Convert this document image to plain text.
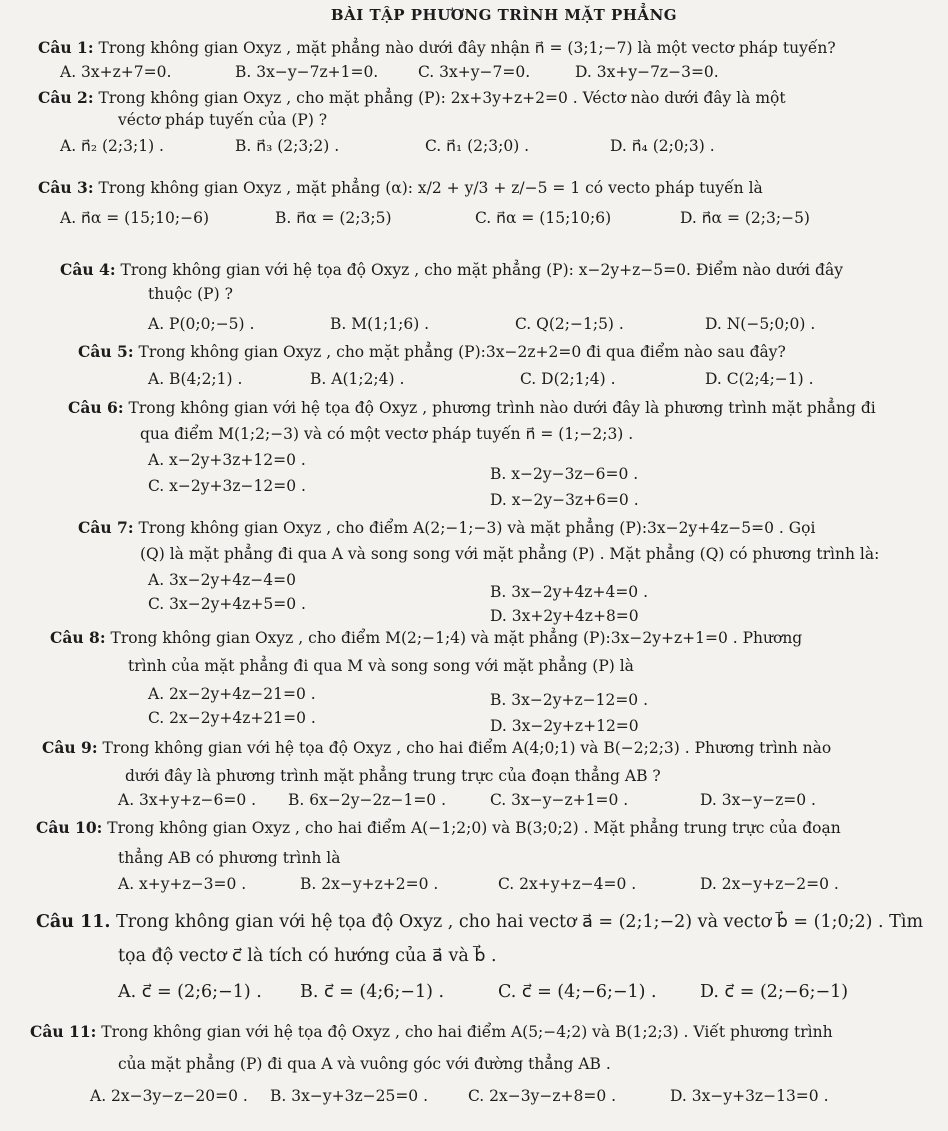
BÀI TẬP PHƯƠNG TRÌNH MẶT PHẲNG
Câu 1: Trong không gian Oxyz , mặt phẳng nào dưới đây nhận n⃗ = (3;1;−7) là một vectơ pháp tuyến?
A. 3x+z+7=0.	B. 3x−y−7z+1=0.	C. 3x+y−7=0.	D. 3x+y−7z−3=0.
Câu 2: Trong không gian Oxyz , cho mặt phẳng (P): 2x+3y+z+2=0 . Véctơ nào dưới đây là một
véctơ pháp tuyến của (P) ?
A. n⃗₂ (2;3;1) .	B. n⃗₃ (2;3;2) .	C. n⃗₁ (2;3;0) .	D. n⃗₄ (2;0;3) .
Câu 3: Trong không gian Oxyz , mặt phẳng (α): x/2 + y/3 + z/−5 = 1 có vecto pháp tuyến là
A. n⃗α = (15;10;−6)	B. n⃗α = (2;3;5)	C. n⃗α = (15;10;6)	D. n⃗α = (2;3;−5)
Câu 4: Trong không gian với hệ tọa độ Oxyz , cho mặt phẳng (P): x−2y+z−5=0. Điểm nào dưới đây
thuộc (P) ?
A. P(0;0;−5) .	B. M(1;1;6) .	C. Q(2;−1;5) .	D. N(−5;0;0) .
Câu 5: Trong không gian Oxyz , cho mặt phẳng (P):3x−2z+2=0 đi qua điểm nào sau đây?
A. B(4;2;1) .	B. A(1;2;4) .	C. D(2;1;4) .	D. C(2;4;−1) .
Câu 6: Trong không gian với hệ tọa độ Oxyz , phương trình nào dưới đây là phương trình mặt phẳng đi
qua điểm M(1;2;−3) và có một vectơ pháp tuyến n⃗ = (1;−2;3) .
A. x−2y+3z+12=0 .
B. x−2y−3z−6=0 .
C. x−2y+3z−12=0 .
D. x−2y−3z+6=0 .
Câu 7: Trong không gian Oxyz , cho điểm A(2;−1;−3) và mặt phẳng (P):3x−2y+4z−5=0 . Gọi
(Q) là mặt phẳng đi qua A và song song với mặt phẳng (P) . Mặt phẳng (Q) có phương trình là:
A. 3x−2y+4z−4=0
B. 3x−2y+4z+4=0 .
C. 3x−2y+4z+5=0 .
D. 3x+2y+4z+8=0
Câu 8: Trong không gian Oxyz , cho điểm M(2;−1;4) và mặt phẳng (P):3x−2y+z+1=0 . Phương
trình của mặt phẳng đi qua M và song song với mặt phẳng (P) là
A. 2x−2y+4z−21=0 .	B. 3x−2y+z−12=0 .
C. 2x−2y+4z+21=0 .	D. 3x−2y+z+12=0
Câu 9: Trong không gian với hệ tọa độ Oxyz , cho hai điểm A(4;0;1) và B(−2;2;3) . Phương trình nào
dưới đây là phương trình mặt phẳng trung trực của đoạn thẳng AB ?
A. 3x+y+z−6=0 . B. 6x−2y−2z−1=0 .	C. 3x−y−z+1=0 .	D. 3x−y−z=0 .
Câu 10: Trong không gian Oxyz , cho hai điểm A(−1;2;0) và B(3;0;2) . Mặt phẳng trung trực của đoạn
thẳng AB có phương trình là
A. x+y+z−3=0 .	B. 2x−y+z+2=0 .	C. 2x+y+z−4=0 .	D. 2x−y+z−2=0 .
Câu 11. Trong không gian với hệ tọa độ Oxyz , cho hai vectơ a⃗ = (2;1;−2) và vectơ b⃗ = (1;0;2) . Tìm
tọa độ vectơ c⃗ là tích có hướng của a⃗ và b⃗ .
A. c⃗ = (2;6;−1) . B. c⃗ = (4;6;−1) .	C. c⃗ = (4;−6;−1) . D. c⃗ = (2;−6;−1)
Câu 11: Trong không gian với hệ tọa độ Oxyz , cho hai điểm A(5;−4;2) và B(1;2;3) . Viết phương trình
của mặt phẳng (P) đi qua A và vuông góc với đường thẳng AB .
A. 2x−3y−z−20=0 . B. 3x−y+3z−25=0 .	C. 2x−3y−z+8=0 .	D. 3x−y+3z−13=0 .
